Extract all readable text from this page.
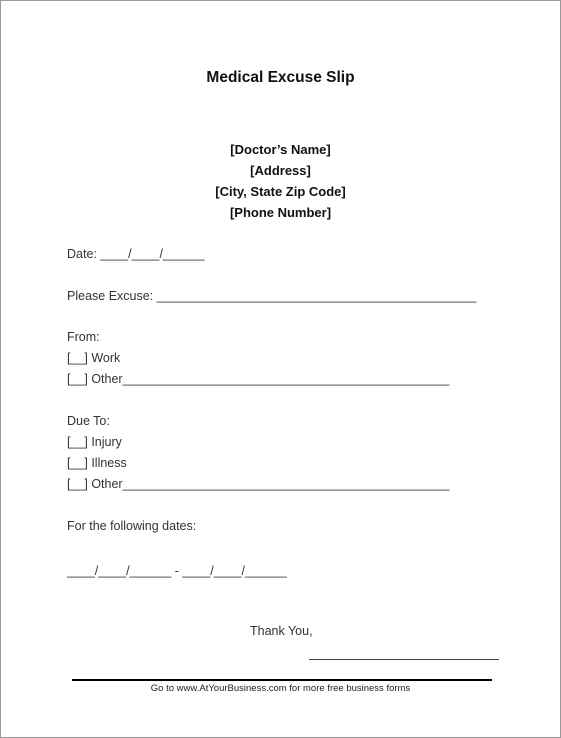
Medical Excuse Slip
[Doctor’s Name]
[Address]
[City, State Zip Code]
[Phone Number]
Date: ____/____/______
Please Excuse: ______________________________________________
From:
[__] Work
[__] Other_______________________________________________
Due To:
[__] Injury
[__] Illness
[__] Other_______________________________________________
For the following dates:
____/____/______ - ____/____/______
Thank You,
Go to www.AtYourBusiness.com for more free business forms
